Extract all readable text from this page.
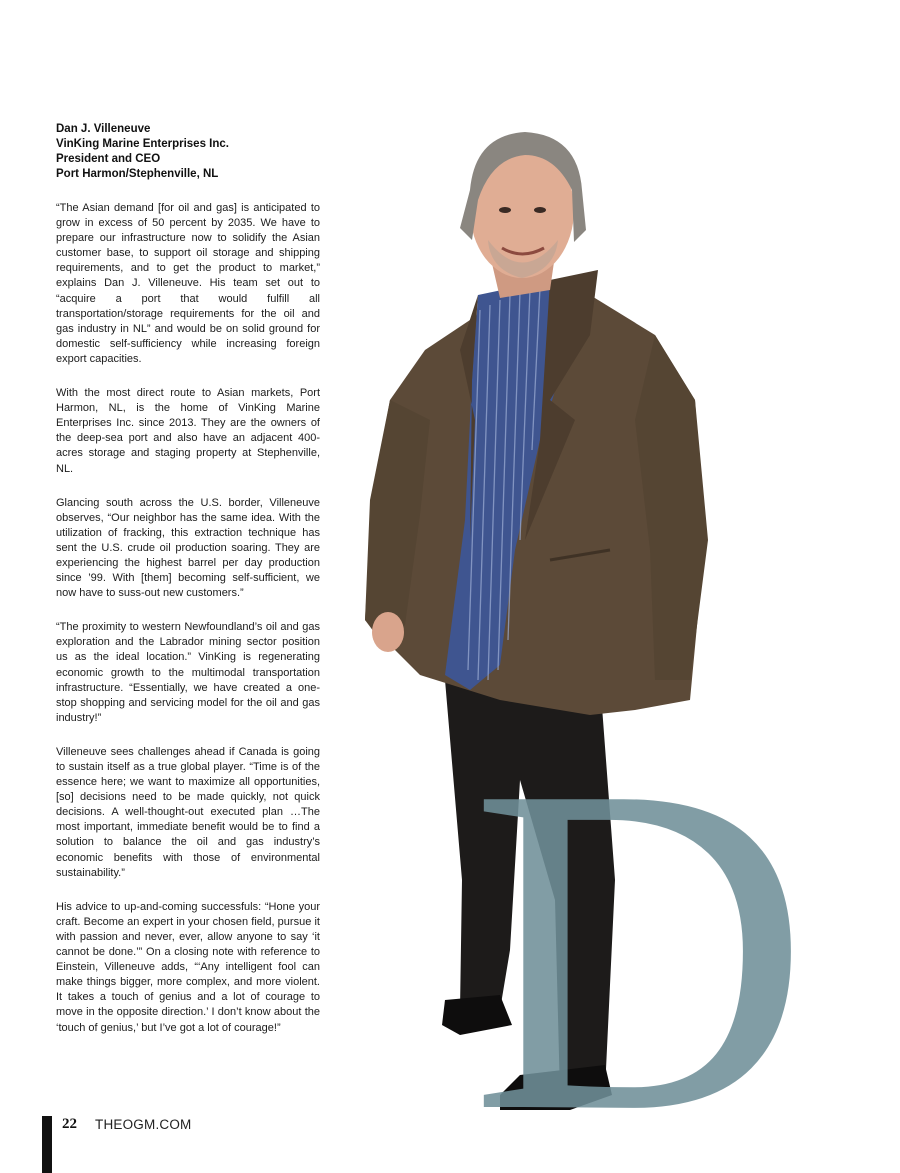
Dan J. Villeneuve
VinKing Marine Enterprises Inc.
President and CEO
Port Harmon/Stephenville, NL

“The Asian demand [for oil and gas] is anticipated to grow in excess of 50 percent by 2035. We have to prepare our infrastructure now to solidify the Asian customer base, to support oil storage and shipping requirements, and to get the product to market,” explains Dan J. Villeneuve. His team set out to “acquire a port that would fulfill all transportation/storage requirements for the oil and gas industry in NL” and would be on solid ground for domestic self-sufficiency while increasing foreign export capacities.

With the most direct route to Asian markets, Port Harmon, NL, is the home of VinKing Marine Enterprises Inc. since 2013. They are the owners of the deep-sea port and also have an adjacent 400-acres storage and staging property at Stephenville, NL.

Glancing south across the U.S. border, Villeneuve observes, “Our neighbor has the same idea. With the utilization of fracking, this extraction technique has sent the U.S. crude oil production soaring. They are experiencing the highest barrel per day production since ’99. With [them] becoming self-sufficient, we now have to suss-out new customers.”

“The proximity to western Newfoundland’s oil and gas exploration and the Labrador mining sector position us as the ideal location.” VinKing is regenerating economic growth to the multimodal transportation infrastructure. “Essentially, we have created a one-stop shopping and servicing model for the oil and gas industry!”

Villeneuve sees challenges ahead if Canada is going to sustain itself as a true global player. “Time is of the essence here; we want to maximize all opportunities, [so] decisions need to be made quickly, not quick decisions. A well-thought-out executed plan …The most important, immediate benefit would be to find a solution to balance the oil and gas industry’s economic benefits with those of environmental sustainability.”

His advice to up-and-coming successfuls: “Hone your craft. Become an expert in your chosen field, pursue it with passion and never, ever, allow anyone to say ‘it cannot be done.’” On a closing note with reference to Einstein, Villeneuve adds, “‘Any intelligent fool can make things bigger, more complex, and more violent. It takes a touch of genius and a lot of courage to move in the opposite direction.’ I don’t know about the ‘touch of genius,’ but I’ve got a lot of courage!” D
22 THEOGM.COM
